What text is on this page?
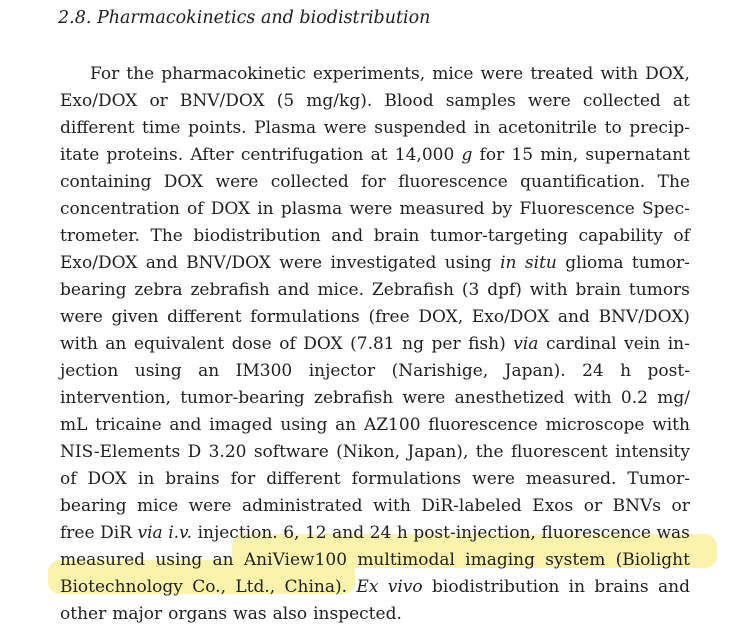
2.8. Pharmacokinetics and biodistribution
For the pharmacokinetic experiments, mice were treated with DOX,
Exo/DOX or BNV/DOX (5 mg/kg). Blood samples were collected at
different time points. Plasma were suspended in acetonitrile to precip-
itate proteins. After centrifugation at 14,000 g for 15 min, supernatant
containing DOX were collected for fluorescence quantification. The
concentration of DOX in plasma were measured by Fluorescence Spec-
trometer. The biodistribution and brain tumor-targeting capability of
Exo/DOX and BNV/DOX were investigated using in situ glioma tumor-
bearing zebra zebrafish and mice. Zebrafish (3 dpf) with brain tumors
were given different formulations (free DOX, Exo/DOX and BNV/DOX)
with an equivalent dose of DOX (7.81 ng per fish) via cardinal vein in-
jection using an IM300 injector (Narishige, Japan). 24 h post-
intervention, tumor-bearing zebrafish were anesthetized with 0.2 mg/
mL tricaine and imaged using an AZ100 fluorescence microscope with
NIS-Elements D 3.20 software (Nikon, Japan), the fluorescent intensity
of DOX in brains for different formulations were measured. Tumor-
bearing mice were administrated with DiR-labeled Exos or BNVs or
free DiR via i.v. injection. 6, 12 and 24 h post-injection, fluorescence was
measured using an AniView100 multimodal imaging system (Biolight
Biotechnology Co., Ltd., China). Ex vivo biodistribution in brains and
other major organs was also inspected.
